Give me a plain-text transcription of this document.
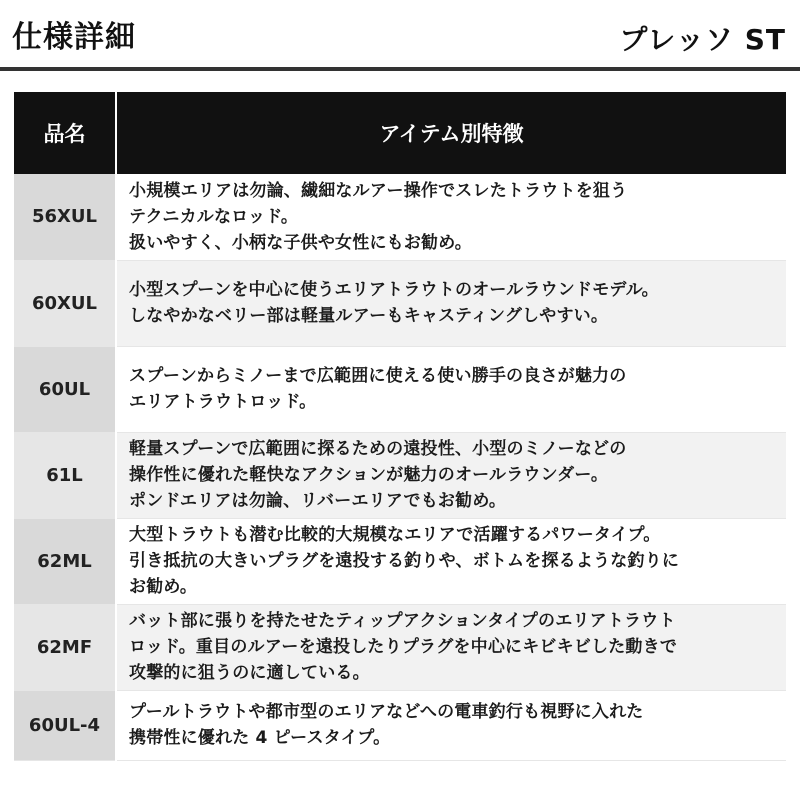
仕様詳細	プレッソ ST
品名	アイテム別特徴
56XUL	小規模エリアは勿論、繊細なルアー操作でスレたトラウトを狙う
テクニカルなロッド。
扱いやすく、小柄な子供や女性にもお勧め。
60XUL	小型スプーンを中心に使うエリアトラウトのオールラウンドモデル。
しなやかなベリー部は軽量ルアーもキャスティングしやすい。
60UL	スプーンからミノーまで広範囲に使える使い勝手の良さが魅力の
エリアトラウトロッド。
61L	軽量スプーンで広範囲に探るための遠投性、小型のミノーなどの
操作性に優れた軽快なアクションが魅力のオールラウンダー。
ポンドエリアは勿論、リバーエリアでもお勧め。
62ML	大型トラウトも潜む比較的大規模なエリアで活躍するパワータイプ。
引き抵抗の大きいプラグを遠投する釣りや、ボトムを探るような釣りに
お勧め。
62MF	バット部に張りを持たせたティップアクションタイプのエリアトラウト
ロッド。重目のルアーを遠投したりプラグを中心にキビキビした動きで
攻撃的に狙うのに適している。
60UL-4	プールトラウトや都市型のエリアなどへの電車釣行も視野に入れた
携帯性に優れた 4 ピースタイプ。
